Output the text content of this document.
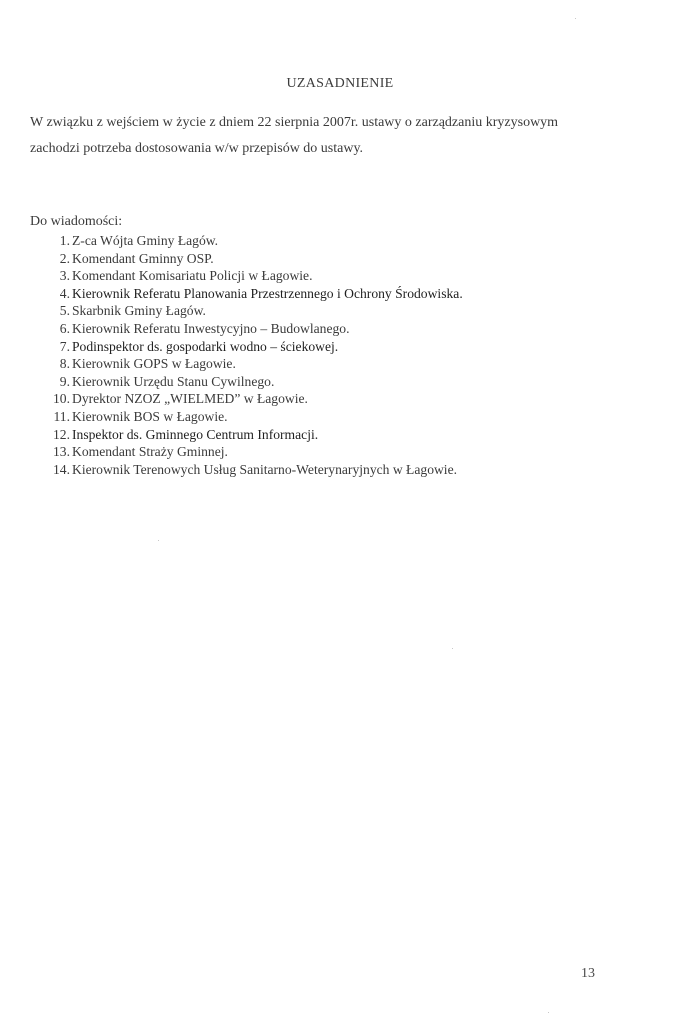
UZASADNIENIE
W związku z wejściem w życie z dniem 22 sierpnia 2007r. ustawy o zarządzaniu kryzysowym
zachodzi potrzeba dostosowania w/w przepisów do ustawy.
Do wiadomości:
1. Z-ca Wójta Gminy Łagów.
2. Komendant Gminny OSP.
3. Komendant Komisariatu Policji w Łagowie.
4. Kierownik Referatu Planowania Przestrzennego i Ochrony Środowiska.
5. Skarbnik Gminy Łagów.
6. Kierownik Referatu Inwestycyjno – Budowlanego.
7. Podinspektor ds. gospodarki wodno – ściekowej.
8. Kierownik GOPS w Łagowie.
9. Kierownik Urzędu Stanu Cywilnego.
10. Dyrektor NZOZ „WIELMED” w Łagowie.
11. Kierownik BOS w Łagowie.
12. Inspektor ds. Gminnego Centrum Informacji.
13. Komendant Straży Gminnej.
14. Kierownik Terenowych Usług Sanitarno-Weterynaryjnych w Łagowie.
13
